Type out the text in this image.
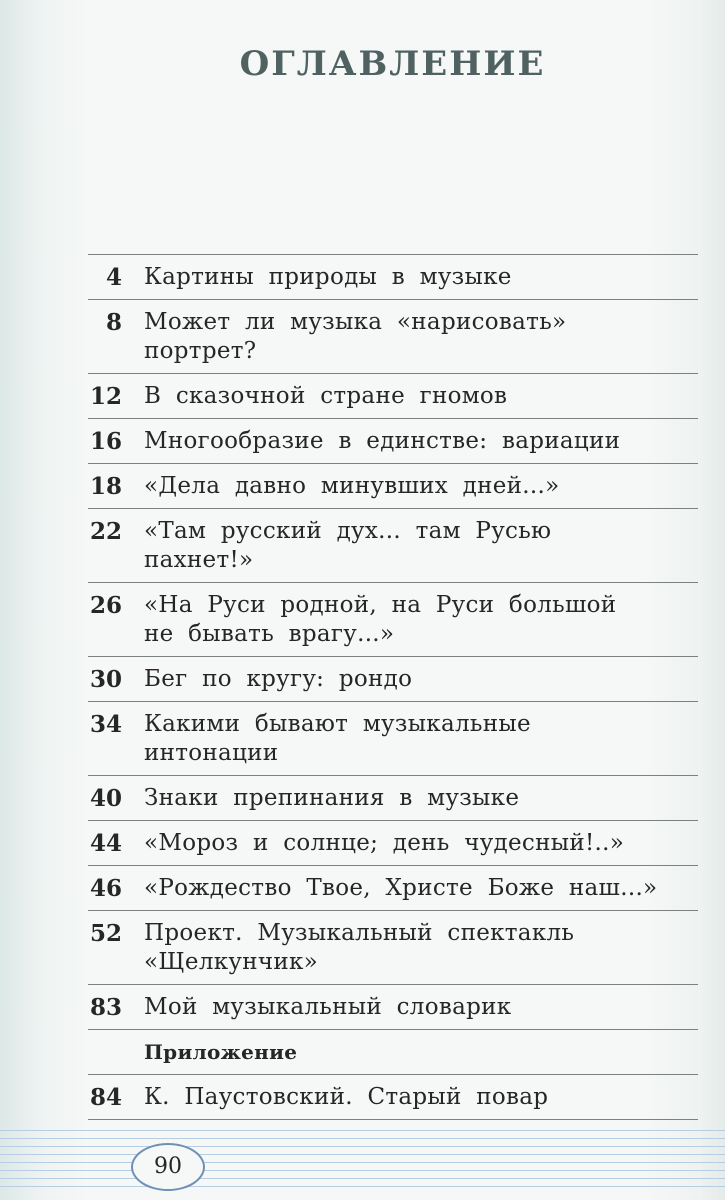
ОГЛАВЛЕНИЕ
4 Картины природы в музыке
8 Может ли музыка «нарисовать»
портрет?
12 В сказочной стране гномов
16 Многообразие в единстве: вариации
18 «Дела давно минувших дней...»
22 «Там русский дух... там Русью
пахнет!»
26 «На Руси родной, на Руси большой
не бывать врагу...»
30 Бег по кругу: рондо
34 Какими бывают музыкальные
интонации
40 Знаки препинания в музыке
44 «Мороз и солнце; день чудесный!..»
46 «Рождество Твое, Христе Боже наш...»
52 Проект. Музыкальный спектакль
«Щелкунчик»
83 Мой музыкальный словарик
Приложение
84 К. Паустовский. Старый повар
90
